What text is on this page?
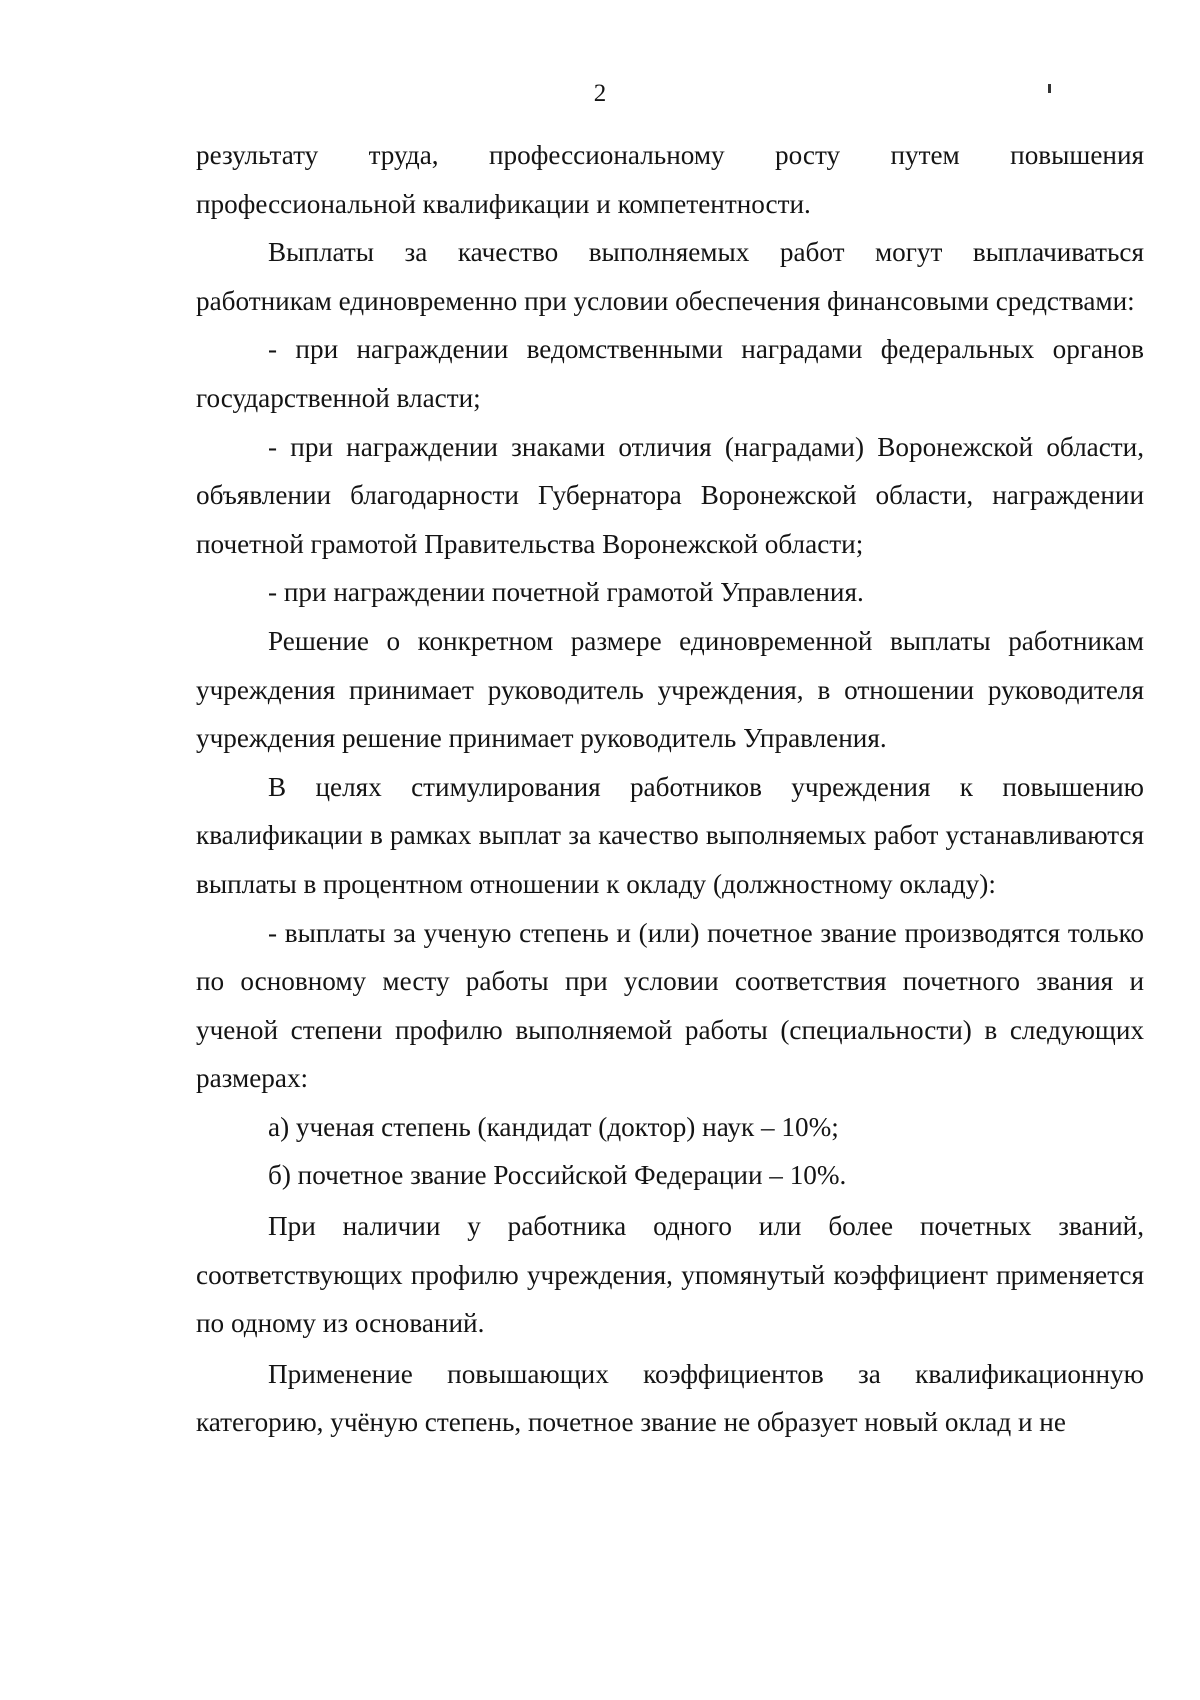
2

результату труда, профессиональному росту путем повышения профессиональной квалификации и компетентности.

Выплаты за качество выполняемых работ могут выплачиваться работникам единовременно при условии обеспечения финансовыми средствами:

- при награждении ведомственными наградами федеральных органов государственной власти;

- при награждении знаками отличия (наградами) Воронежской области, объявлении благодарности Губернатора Воронежской области, награждении почетной грамотой Правительства Воронежской области;

- при награждении почетной грамотой Управления.

Решение о конкретном размере единовременной выплаты работникам учреждения принимает руководитель учреждения, в отношении руководителя учреждения решение принимает руководитель Управления.

В целях стимулирования работников учреждения к повышению квалификации в рамках выплат за качество выполняемых работ устанавливаются выплаты в процентном отношении к окладу (должностному окладу):

- выплаты за ученую степень и (или) почетное звание производятся только по основному месту работы при условии соответствия почетного звания и ученой степени профилю выполняемой работы (специальности) в следующих размерах:

а) ученая степень (кандидат (доктор) наук – 10%;

б) почетное звание Российской Федерации – 10%.

При наличии у работника одного или более почетных званий, соответствующих профилю учреждения, упомянутый коэффициент применяется по одному из оснований.

Применение повышающих коэффициентов за квалификационную категорию, учёную степень, почетное звание не образует новый оклад и не
